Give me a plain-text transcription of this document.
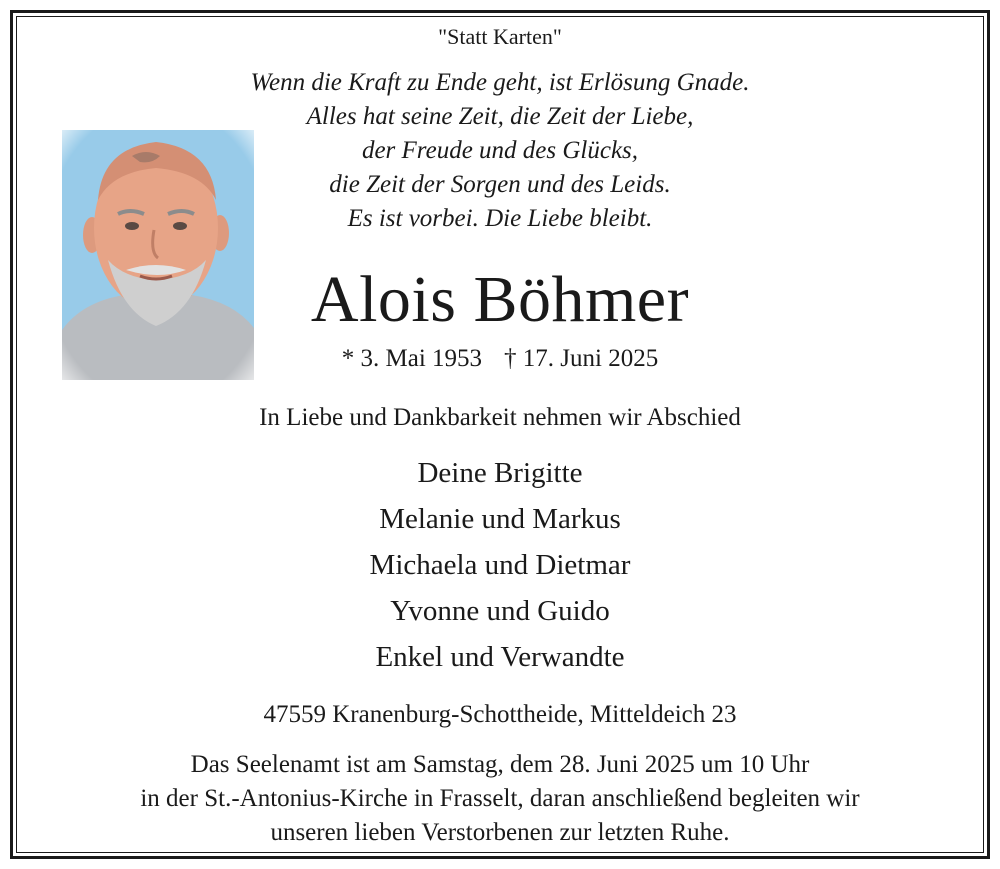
"Statt Karten"
Wenn die Kraft zu Ende geht, ist Erlösung Gnade.
Alles hat seine Zeit, die Zeit der Liebe,
der Freude und des Glücks,
die Zeit der Sorgen und des Leids.
Es ist vorbei. Die Liebe bleibt.
Alois Böhmer
* 3. Mai 1953 † 17. Juni 2025
In Liebe und Dankbarkeit nehmen wir Abschied
Deine Brigitte
Melanie und Markus
Michaela und Dietmar
Yvonne und Guido
Enkel und Verwandte
47559 Kranenburg-Schottheide, Mitteldeich 23
Das Seelenamt ist am Samstag, dem 28. Juni 2025 um 10 Uhr
in der St.-Antonius-Kirche in Frasselt, daran anschließend begleiten wir
unseren lieben Verstorbenen zur letzten Ruhe.
